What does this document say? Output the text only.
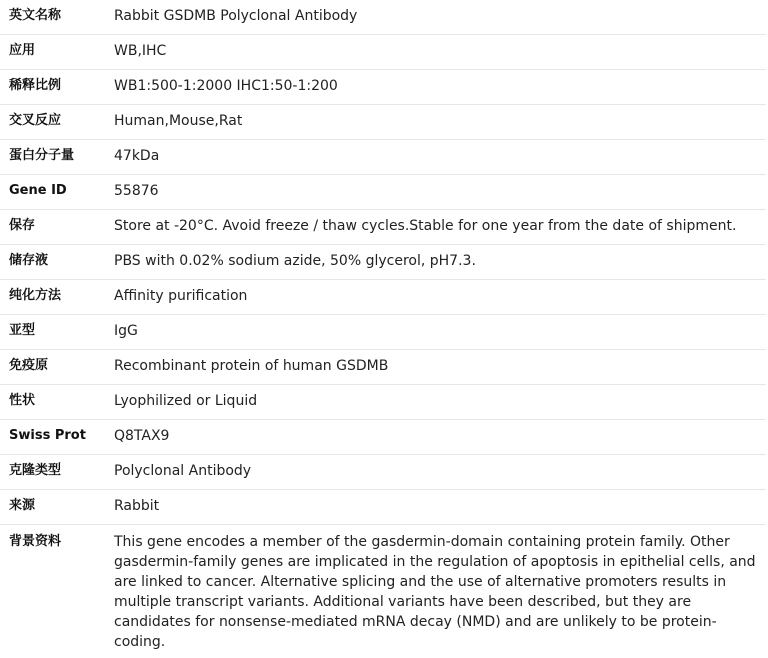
英文名称	Rabbit GSDMB Polyclonal Antibody
应用	WB,IHC
稀释比例	WB1:500-1:2000 IHC1:50-1:200
交叉反应	Human,Mouse,Rat
蛋白分子量	47kDa
Gene ID	55876
保存	Store at -20°C. Avoid freeze / thaw cycles.Stable for one year from the date of shipment.
储存液	PBS with 0.02% sodium azide, 50% glycerol, pH7.3.
纯化方法	Affinity purification
亚型	IgG
免疫原	Recombinant protein of human GSDMB
性状	Lyophilized or Liquid
Swiss Prot	Q8TAX9
克隆类型	Polyclonal Antibody
来源	Rabbit
背景资料	This gene encodes a member of the gasdermin-domain containing protein family. Other gasdermin-family genes are implicated in the regulation of apoptosis in epithelial cells, and are linked to cancer. Alternative splicing and the use of alternative promoters results in multiple transcript variants. Additional variants have been described, but they are candidates for nonsense-mediated mRNA decay (NMD) and are unlikely to be protein-coding.
